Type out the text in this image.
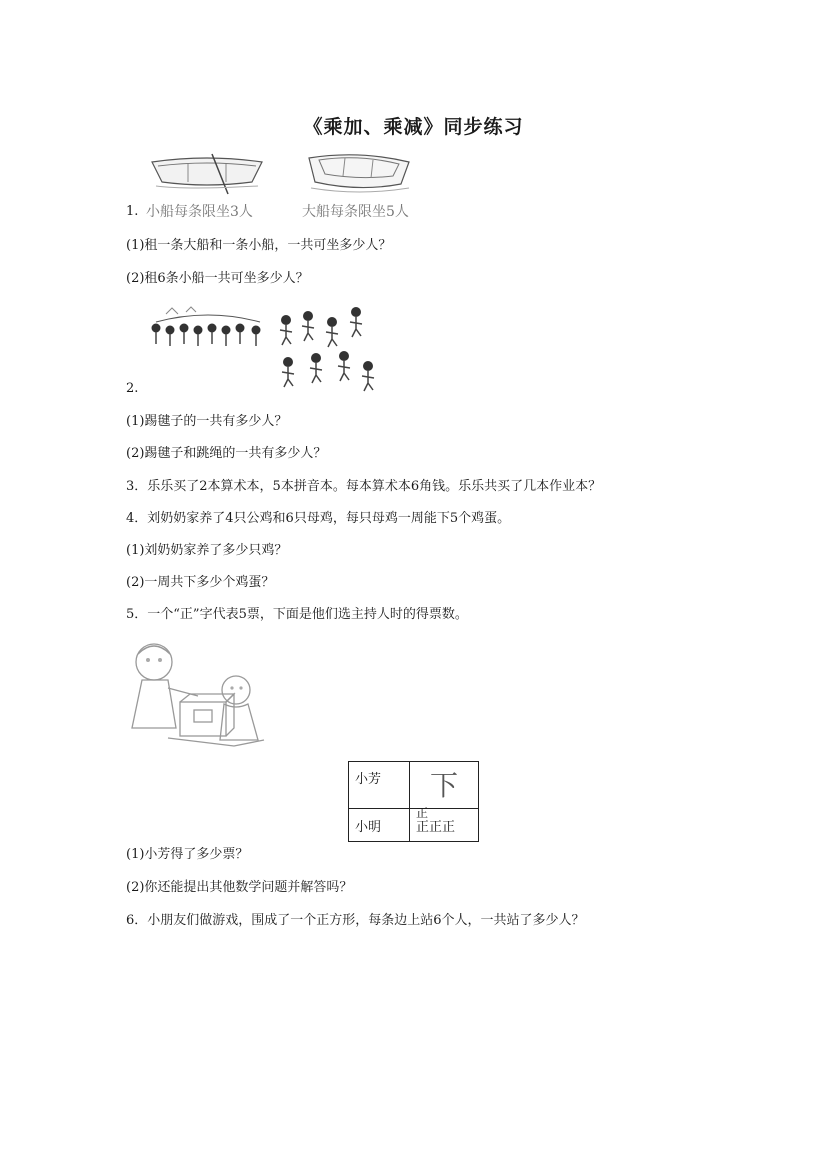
《乘加、乘减》同步练习
1. 小船每条限坐3人	大船每条限坐5人
(1)租一条大船和一条小船，一共可坐多少人？
(2)租6条小船一共可坐多少人？
2.
(1)踢毽子的一共有多少人？
(2)踢毽子和跳绳的一共有多少人？
3．乐乐买了2本算术本，5本拼音本。每本算术本6角钱。乐乐共买了几本作业本？
4．刘奶奶家养了4只公鸡和6只母鸡，每只母鸡一周能下5个鸡蛋。
(1)刘奶奶家养了多少只鸡？
(2)一周共下多少个鸡蛋？
5．一个“正”字代表5票，下面是他们选主持人时的得票数。
小芳	正下
小明	正正正
(1)小芳得了多少票？
(2)你还能提出其他数学问题并解答吗？
6．小朋友们做游戏，围成了一个正方形，每条边上站6个人，一共站了多少人？
